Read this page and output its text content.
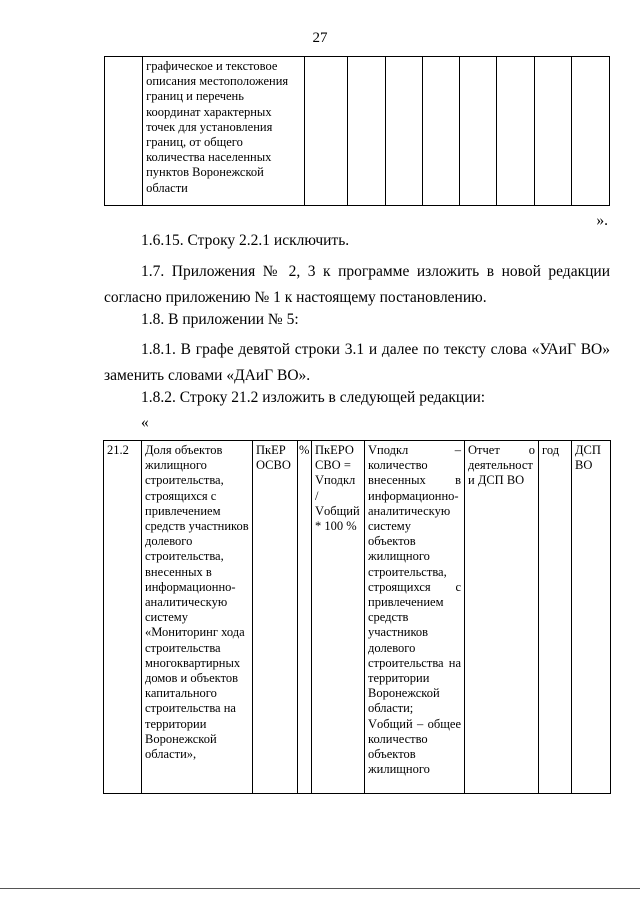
27
	графическое и текстовое описания местоположения границ и перечень координат характерных точек для установления границ, от общего количества населенных пунктов Воронежской области								
».
1.6.15. Строку 2.2.1 исключить.
1.7. Приложения № 2, 3 к программе изложить в новой редакции согласно приложению № 1 к настоящему постановлению.
1.8. В приложении № 5:
1.8.1. В графе девятой строки 3.1 и далее по тексту слова «УАиГ ВО» заменить словами «ДАиГ ВО».
1.8.2. Строку 21.2 изложить в следующей редакции:
«
21.2	Доля объектов жилищного строительства, строящихся с привлечением средств участников долевого строительства, внесенных в информационно-аналитическую систему «Мониторинг хода строительства многоквартирных домов и объектов капитального строительства на территории Воронежской области»,	ПкЕР ОСВО	%	ПкЕРО СВО = Vподкл / Vобщий * 100 %	Vподкл – количество внесенных в информационно-аналитическую систему объектов жилищного строительства, строящихся с привлечением средств участников долевого строительства на территории Воронежской области; Vобщий – общее количество объектов жилищного	Отчет о деятельност и ДСП ВО	год	ДСП ВО
